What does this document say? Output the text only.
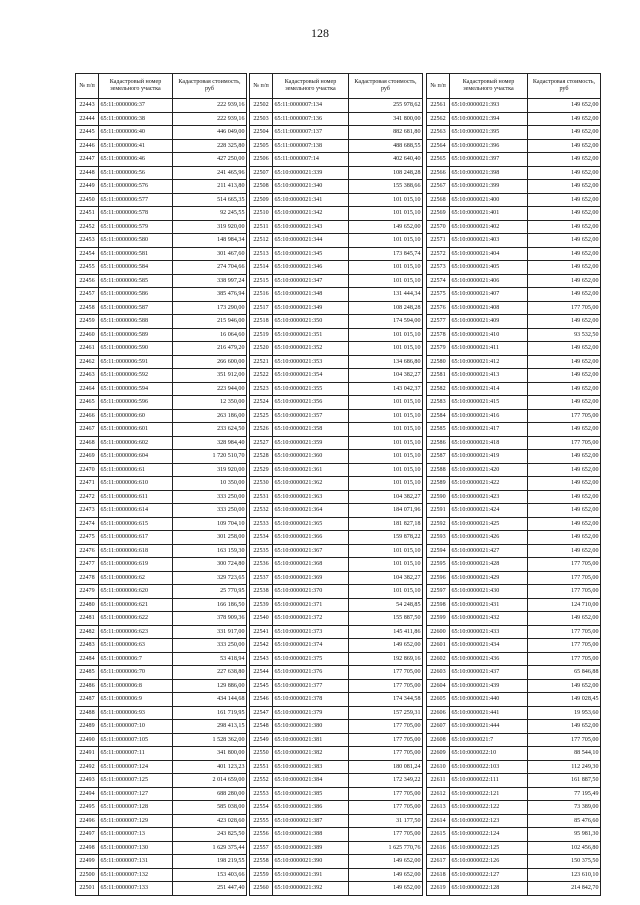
128
№ п/п	Кадастровый номер земельного участка	Кадастровая стоимость, руб
22443	65:11:0000006:37	222 939,16
22444	65:11:0000006:38	222 939,16
22445	65:11:0000006:40	446 049,00
22446	65:11:0000006:41	228 325,80
22447	65:11:0000006:46	427 250,00
22448	65:11:0000006:56	241 465,96
22449	65:11:0000006:576	211 413,80
22450	65:11:0000006:577	514 665,35
22451	65:11:0000006:578	92 245,55
22452	65:11:0000006:579	319 920,00
22453	65:11:0000006:580	148 984,34
22454	65:11:0000006:581	301 467,60
22455	65:11:0000006:584	274 704,66
22456	65:11:0000006:585	338 997,24
22457	65:11:0000006:586	385 476,94
22458	65:11:0000006:587	173 290,00
22459	65:11:0000006:588	215 946,00
22460	65:11:0000006:589	16 064,60
22461	65:11:0000006:590	216 479,20
22462	65:11:0000006:591	266 600,00
22463	65:11:0000006:592	351 912,00
22464	65:11:0000006:594	223 944,00
22465	65:11:0000006:596	12 350,00
22466	65:11:0000006:60	263 186,00
22467	65:11:0000006:601	233 624,50
22468	65:11:0000006:602	328 984,40
22469	65:11:0000006:604	1 720 510,70
22470	65:11:0000006:61	319 920,00
22471	65:11:0000006:610	10 350,00
22472	65:11:0000006:611	333 250,00
22473	65:11:0000006:614	333 250,00
22474	65:11:0000006:615	109 704,10
22475	65:11:0000006:617	301 258,00
22476	65:11:0000006:618	163 159,30
22477	65:11:0000006:619	300 724,80
22478	65:11:0000006:62	329 723,65
22479	65:11:0000006:620	25 770,95
22480	65:11:0000006:621	166 186,50
22481	65:11:0000006:622	378 909,36
22482	65:11:0000006:623	331 917,00
22483	65:11:0000006:63	333 250,00
22484	65:11:0000006:7	53 418,94
22485	65:11:0000006:70	227 638,80
22486	65:11:0000006:8	129 886,00
22487	65:11:0000006:9	434 144,68
22488	65:11:0000006:93	161 719,95
22489	65:11:0000007:10	298 413,15
22490	65:11:0000007:105	1 528 362,00
22491	65:11:0000007:11	341 800,00
22492	65:11:0000007:124	401 123,23
22493	65:11:0000007:125	2 014 659,00
22494	65:11:0000007:127	688 280,00
22495	65:11:0000007:128	585 038,00
22496	65:11:0000007:129	423 028,60
22497	65:11:0000007:13	243 825,50
22498	65:11:0000007:130	1 629 375,44
22499	65:11:0000007:131	198 219,55
22500	65:11:0000007:132	153 403,66
22501	65:11:0000007:133	251 447,40
№ п/п	Кадастровый номер земельного участка	Кадастровая стоимость, руб
22502	65:11:0000007:134	255 978,62
22503	65:11:0000007:136	341 800,00
22504	65:11:0000007:137	882 681,80
22505	65:11:0000007:138	488 688,55
22506	65:11:0000007:14	402 640,40
22507	65:10:0000021:339	108 248,28
22508	65:10:0000021:340	155 388,66
22509	65:10:0000021:341	101 015,10
22510	65:10:0000021:342	101 015,10
22511	65:10:0000021:343	149 652,00
22512	65:10:0000021:344	101 015,10
22513	65:10:0000021:345	173 845,74
22514	65:10:0000021:346	101 015,10
22515	65:10:0000021:347	101 015,10
22516	65:10:0000021:348	131 444,34
22517	65:10:0000021:349	108 248,28
22518	65:10:0000021:350	174 594,00
22519	65:10:0000021:351	101 015,10
22520	65:10:0000021:352	101 015,10
22521	65:10:0000021:353	134 686,80
22522	65:10:0000021:354	104 382,27
22523	65:10:0000021:355	143 042,37
22524	65:10:0000021:356	101 015,10
22525	65:10:0000021:357	101 015,10
22526	65:10:0000021:358	101 015,10
22527	65:10:0000021:359	101 015,10
22528	65:10:0000021:360	101 015,10
22529	65:10:0000021:361	101 015,10
22530	65:10:0000021:362	101 015,10
22531	65:10:0000021:363	104 382,27
22532	65:10:0000021:364	184 071,96
22533	65:10:0000021:365	181 827,18
22534	65:10:0000021:366	159 878,22
22535	65:10:0000021:367	101 015,10
22536	65:10:0000021:368	101 015,10
22537	65:10:0000021:369	104 382,27
22538	65:10:0000021:370	101 015,10
22539	65:10:0000021:371	54 248,85
22540	65:10:0000021:372	155 887,50
22541	65:10:0000021:373	145 411,86
22542	65:10:0000021:374	149 652,00
22543	65:10:0000021:375	192 869,16
22544	65:10:0000021:376	177 705,00
22545	65:10:0000021:377	177 705,00
22546	65:10:0000021:378	174 344,58
22547	65:10:0000021:379	157 259,31
22548	65:10:0000021:380	177 705,00
22549	65:10:0000021:381	177 705,00
22550	65:10:0000021:382	177 705,00
22551	65:10:0000021:383	180 081,24
22552	65:10:0000021:384	172 349,22
22553	65:10:0000021:385	177 705,00
22554	65:10:0000021:386	177 705,00
22555	65:10:0000021:387	31 177,50
22556	65:10:0000021:388	177 705,00
22557	65:10:0000021:389	1 625 770,76
22558	65:10:0000021:390	149 652,00
22559	65:10:0000021:391	149 652,00
22560	65:10:0000021:392	149 652,00
№ п/п	Кадастровый номер земельного участка	Кадастровая стоимость, руб
22561	65:10:0000021:393	149 652,00
22562	65:10:0000021:394	149 652,00
22563	65:10:0000021:395	149 652,00
22564	65:10:0000021:396	149 652,00
22565	65:10:0000021:397	149 652,00
22566	65:10:0000021:398	149 652,00
22567	65:10:0000021:399	149 652,00
22568	65:10:0000021:400	149 652,00
22569	65:10:0000021:401	149 652,00
22570	65:10:0000021:402	149 652,00
22571	65:10:0000021:403	149 652,00
22572	65:10:0000021:404	149 652,00
22573	65:10:0000021:405	149 652,00
22574	65:10:0000021:406	149 652,00
22575	65:10:0000021:407	149 652,00
22576	65:10:0000021:408	177 705,00
22577	65:10:0000021:409	149 652,00
22578	65:10:0000021:410	93 532,50
22579	65:10:0000021:411	149 652,00
22580	65:10:0000021:412	149 652,00
22581	65:10:0000021:413	149 652,00
22582	65:10:0000021:414	149 652,00
22583	65:10:0000021:415	149 652,00
22584	65:10:0000021:416	177 705,00
22585	65:10:0000021:417	149 652,00
22586	65:10:0000021:418	177 705,00
22587	65:10:0000021:419	149 652,00
22588	65:10:0000021:420	149 652,00
22589	65:10:0000021:422	149 652,00
22590	65:10:0000021:423	149 652,00
22591	65:10:0000021:424	149 652,00
22592	65:10:0000021:425	149 652,00
22593	65:10:0000021:426	149 652,00
22594	65:10:0000021:427	149 652,00
22595	65:10:0000021:428	177 705,00
22596	65:10:0000021:429	177 705,00
22597	65:10:0000021:430	177 705,00
22598	65:10:0000021:431	124 710,00
22599	65:10:0000021:432	149 652,00
22600	65:10:0000021:433	177 705,00
22601	65:10:0000021:434	177 705,00
22602	65:10:0000021:436	177 705,00
22603	65:10:0000021:437	65 846,88
22604	65:10:0000021:439	149 652,00
22605	65:10:0000021:440	149 028,45
22606	65:10:0000021:441	19 953,60
22607	65:10:0000021:444	149 652,00
22608	65:10:0000021:7	177 705,00
22609	65:10:0000022:10	88 544,10
22610	65:10:0000022:103	112 249,30
22611	65:10:0000022:111	161 887,50
22612	65:10:0000022:121	77 195,49
22613	65:10:0000022:122	73 389,00
22614	65:10:0000022:123	85 476,60
22615	65:10:0000022:124	95 981,30
22616	65:10:0000022:125	102 456,80
22617	65:10:0000022:126	150 375,50
22618	65:10:0000022:127	123 610,10
22619	65:10:0000022:128	214 842,70
